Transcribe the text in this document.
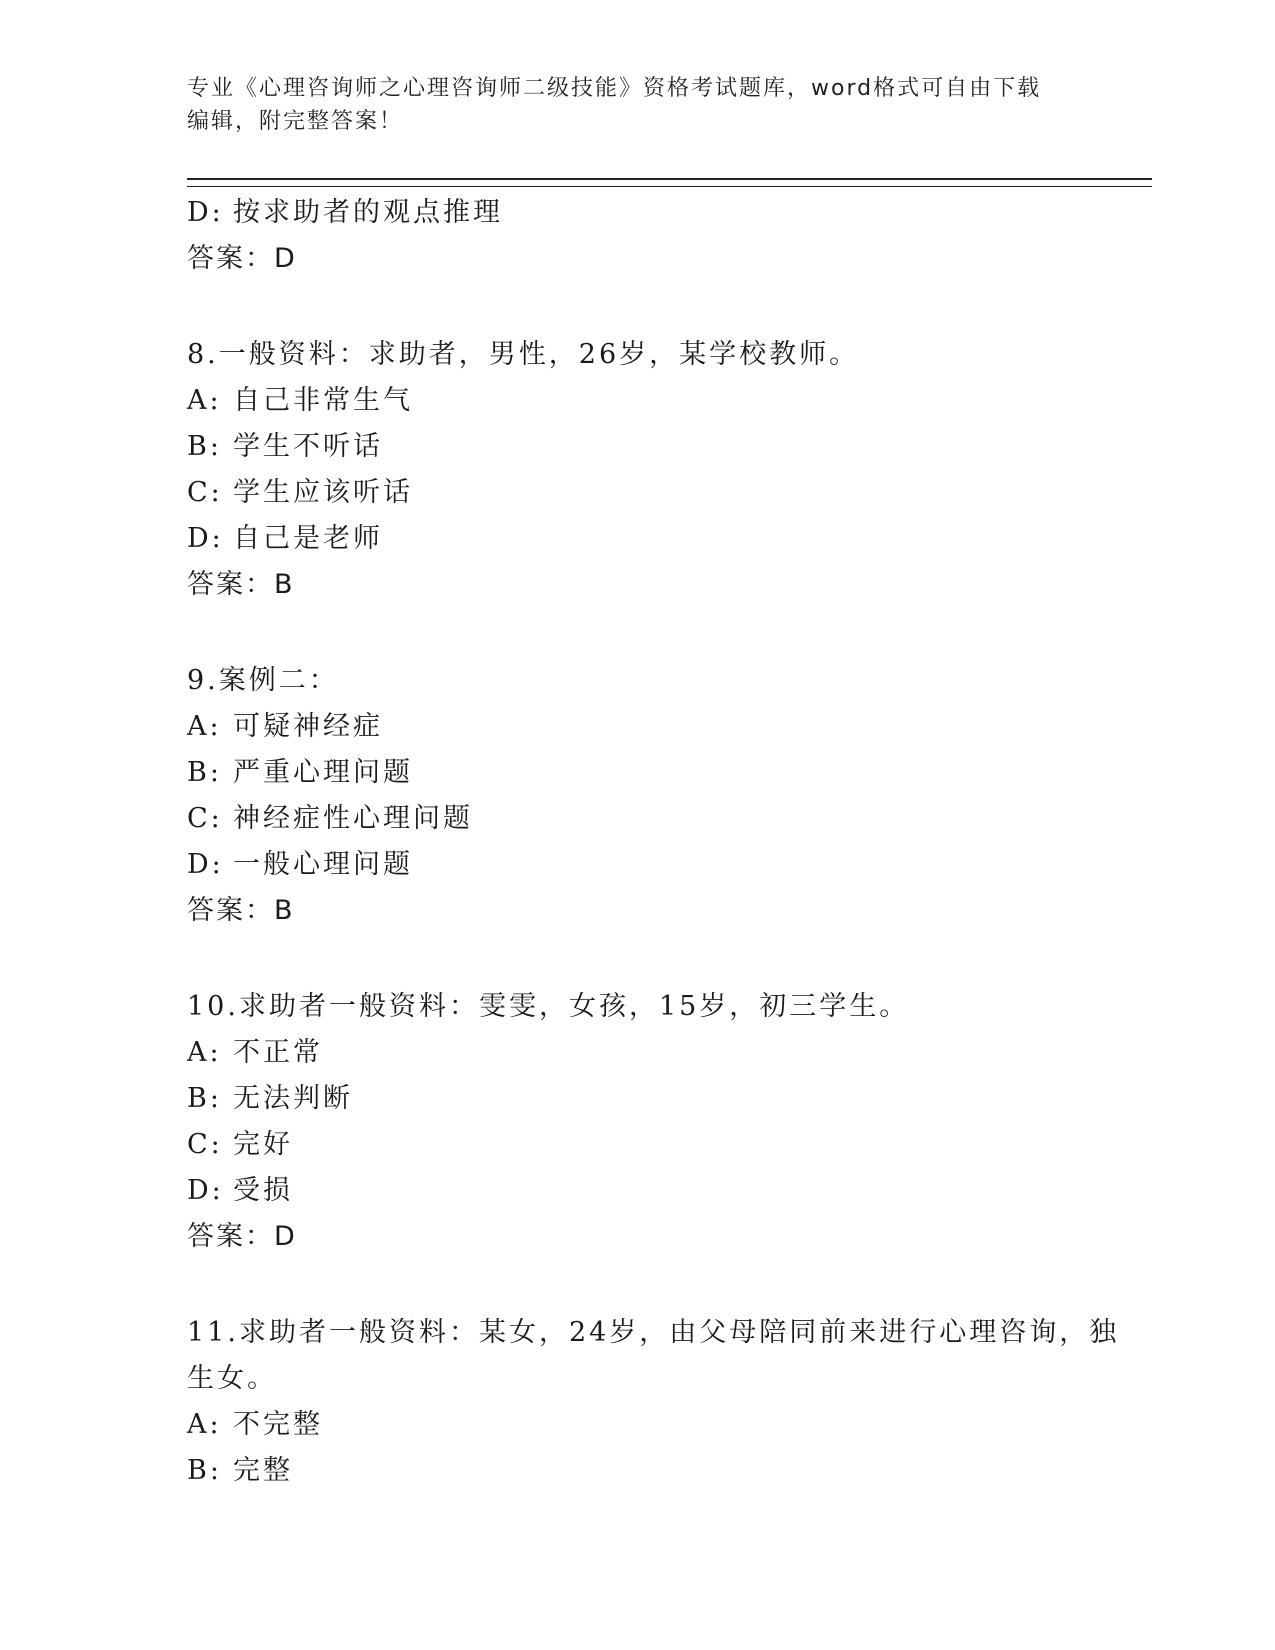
专业《心理咨询师之心理咨询师二级技能》资格考试题库，word格式可自由下载
编辑，附完整答案！
D: 按求助者的观点推理
答案：D
8.一般资料：求助者，男性，26岁，某学校教师。
A: 自己非常生气
B: 学生不听话
C: 学生应该听话
D: 自己是老师
答案：B
9.案例二：
A: 可疑神经症
B: 严重心理问题
C: 神经症性心理问题
D: 一般心理问题
答案：B
10.求助者一般资料：雯雯，女孩，15岁，初三学生。
A: 不正常
B: 无法判断
C: 完好
D: 受损
答案：D
11.求助者一般资料：某女，24岁，由父母陪同前来进行心理咨询，独
生女。
A: 不完整
B: 完整
